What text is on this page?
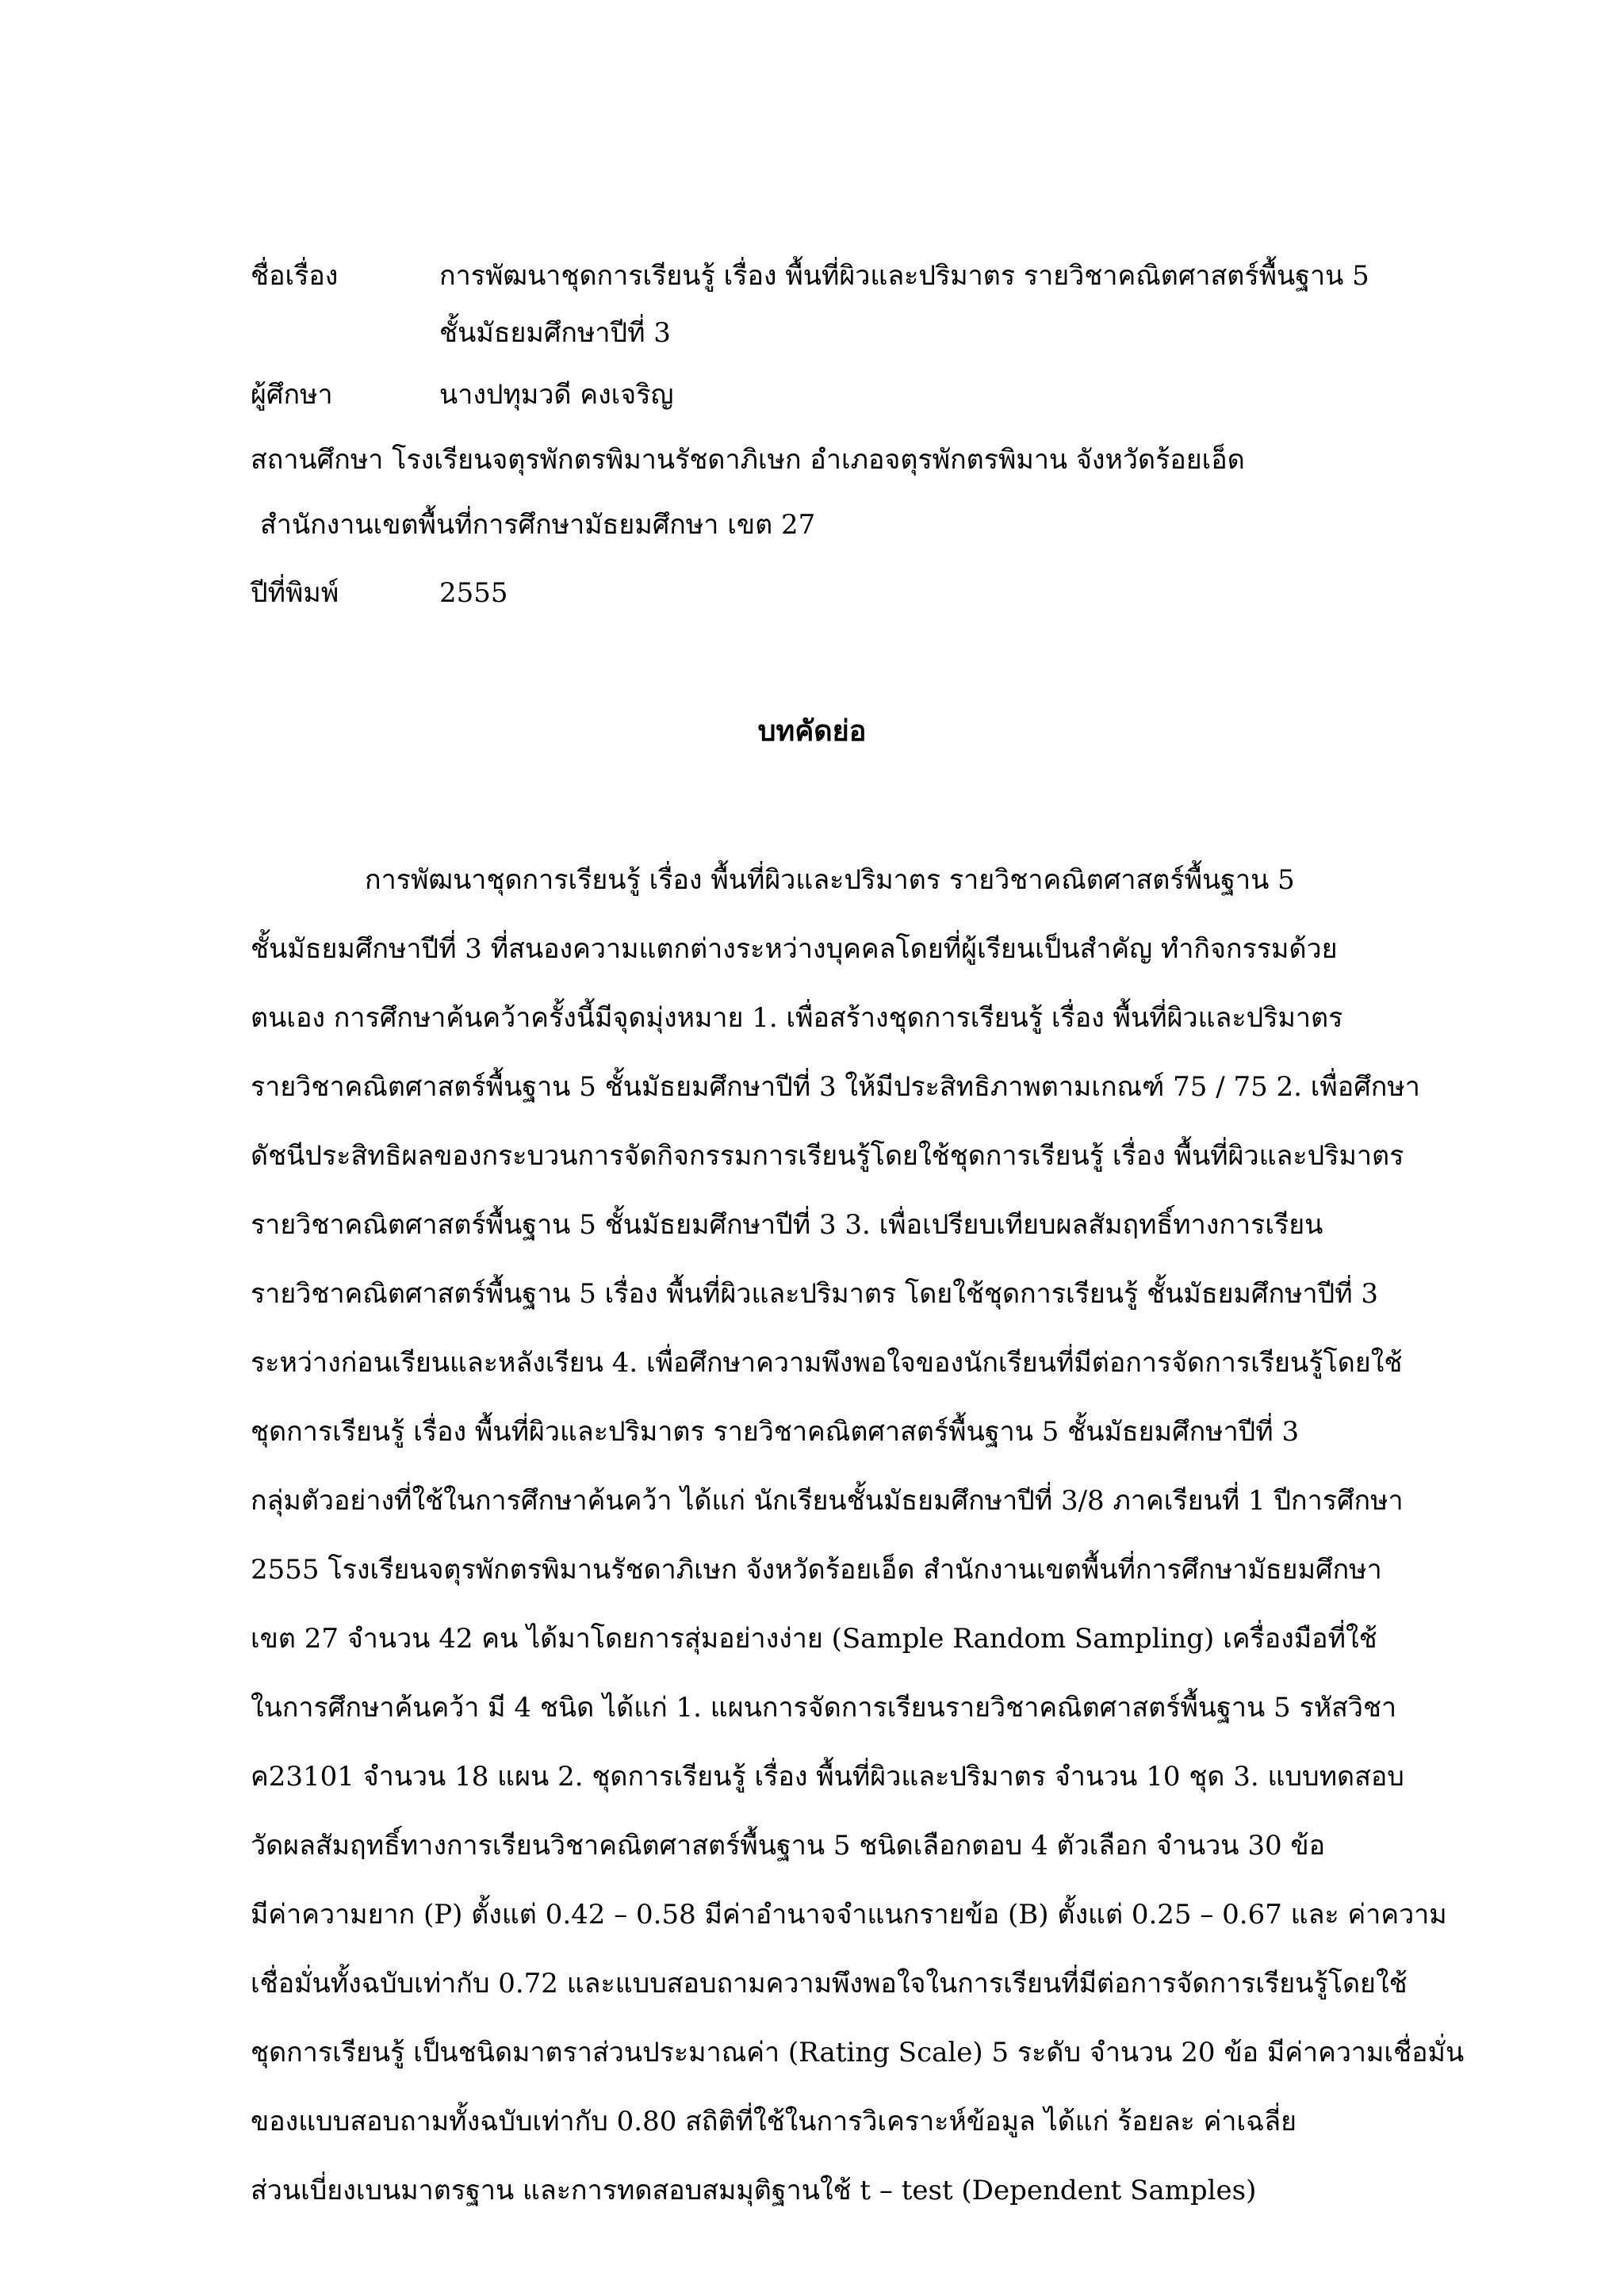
ชื่อเรื่อง	การพัฒนาชุดการเรียนรู้ เรื่อง พื้นที่ผิวและปริมาตร รายวิชาคณิตศาสตร์พื้นฐาน 5
ชั้นมัธยมศึกษาปีที่ 3
ผู้ศึกษา	นางปทุมวดี คงเจริญ
สถานศึกษา โรงเรียนจตุรพักตรพิมานรัชดาภิเษก อำเภอจตุรพักตรพิมาน จังหวัดร้อยเอ็ด
สำนักงานเขตพื้นที่การศึกษามัธยมศึกษา เขต 27
ปีที่พิมพ์	2555
บทคัดย่อ
การพัฒนาชุดการเรียนรู้ เรื่อง พื้นที่ผิวและปริมาตร รายวิชาคณิตศาสตร์พื้นฐาน 5
ชั้นมัธยมศึกษาปีที่ 3 ที่สนองความแตกต่างระหว่างบุคคลโดยที่ผู้เรียนเป็นสำคัญ ทำกิจกรรมด้วย
ตนเอง การศึกษาค้นคว้าครั้งนี้มีจุดมุ่งหมาย 1. เพื่อสร้างชุดการเรียนรู้ เรื่อง พื้นที่ผิวและปริมาตร
รายวิชาคณิตศาสตร์พื้นฐาน 5 ชั้นมัธยมศึกษาปีที่ 3 ให้มีประสิทธิภาพตามเกณฑ์ 75 / 75 2. เพื่อศึกษา
ดัชนีประสิทธิผลของกระบวนการจัดกิจกรรมการเรียนรู้โดยใช้ชุดการเรียนรู้ เรื่อง พื้นที่ผิวและปริมาตร
รายวิชาคณิตศาสตร์พื้นฐาน 5 ชั้นมัธยมศึกษาปีที่ 3 3. เพื่อเปรียบเทียบผลสัมฤทธิ์ทางการเรียน
รายวิชาคณิตศาสตร์พื้นฐาน 5 เรื่อง พื้นที่ผิวและปริมาตร โดยใช้ชุดการเรียนรู้ ชั้นมัธยมศึกษาปีที่ 3
ระหว่างก่อนเรียนและหลังเรียน 4. เพื่อศึกษาความพึงพอใจของนักเรียนที่มีต่อการจัดการเรียนรู้โดยใช้
ชุดการเรียนรู้ เรื่อง พื้นที่ผิวและปริมาตร รายวิชาคณิตศาสตร์พื้นฐาน 5 ชั้นมัธยมศึกษาปีที่ 3
กลุ่มตัวอย่างที่ใช้ในการศึกษาค้นคว้า ได้แก่ นักเรียนชั้นมัธยมศึกษาปีที่ 3/8 ภาคเรียนที่ 1 ปีการศึกษา
2555 โรงเรียนจตุรพักตรพิมานรัชดาภิเษก จังหวัดร้อยเอ็ด สำนักงานเขตพื้นที่การศึกษามัธยมศึกษา
เขต 27 จำนวน 42 คน ได้มาโดยการสุ่มอย่างง่าย (Sample Random Sampling) เครื่องมือที่ใช้
ในการศึกษาค้นคว้า มี 4 ชนิด ได้แก่ 1. แผนการจัดการเรียนรายวิชาคณิตศาสตร์พื้นฐาน 5 รหัสวิชา
ค23101 จำนวน 18 แผน 2. ชุดการเรียนรู้ เรื่อง พื้นที่ผิวและปริมาตร จำนวน 10 ชุด 3. แบบทดสอบ
วัดผลสัมฤทธิ์ทางการเรียนวิชาคณิตศาสตร์พื้นฐาน 5 ชนิดเลือกตอบ 4 ตัวเลือก จำนวน 30 ข้อ
มีค่าความยาก (P) ตั้งแต่ 0.42 – 0.58 มีค่าอำนาจจำแนกรายข้อ (B) ตั้งแต่ 0.25 – 0.67 และ ค่าความ
เชื่อมั่นทั้งฉบับเท่ากับ 0.72 และแบบสอบถามความพึงพอใจในการเรียนที่มีต่อการจัดการเรียนรู้โดยใช้
ชุดการเรียนรู้ เป็นชนิดมาตราส่วนประมาณค่า (Rating Scale) 5 ระดับ จำนวน 20 ข้อ มีค่าความเชื่อมั่น
ของแบบสอบถามทั้งฉบับเท่ากับ 0.80 สถิติที่ใช้ในการวิเคราะห์ข้อมูล ได้แก่ ร้อยละ ค่าเฉลี่ย
ส่วนเบี่ยงเบนมาตรฐาน และการทดสอบสมมุติฐานใช้ t – test (Dependent Samples)
